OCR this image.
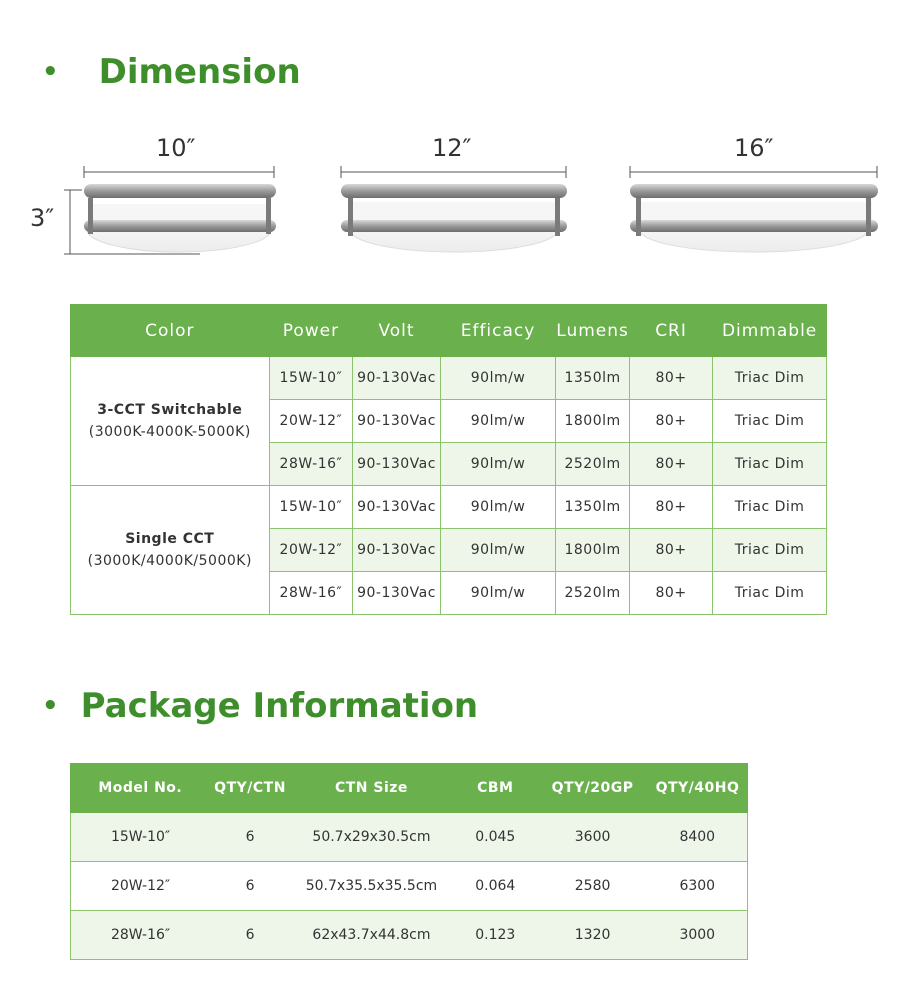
• Dimension
3″
10″	12″	16″
Color	Power	Volt	Efficacy	Lumens	CRI	Dimmable

3-CCT Switchable
(3000K-4000K-5000K)	15W-10″	90-130Vac	90lm/w	1350lm	80+	Triac Dim
	20W-12″	90-130Vac	90lm/w	1800lm	80+	Triac Dim
	28W-16″	90-130Vac	90lm/w	2520lm	80+	Triac Dim

Single CCT
(3000K/4000K/5000K)	15W-10″	90-130Vac	90lm/w	1350lm	80+	Triac Dim
	20W-12″	90-130Vac	90lm/w	1800lm	80+	Triac Dim
	28W-16″	90-130Vac	90lm/w	2520lm	80+	Triac Dim
• Package Information
Model No.	QTY/CTN	CTN Size	CBM	QTY/20GP	QTY/40HQ
15W-10″	6	50.7x29x30.5cm	0.045	3600	8400
20W-12″	6	50.7x35.5x35.5cm	0.064	2580	6300
28W-16″	6	62x43.7x44.8cm	0.123	1320	3000
